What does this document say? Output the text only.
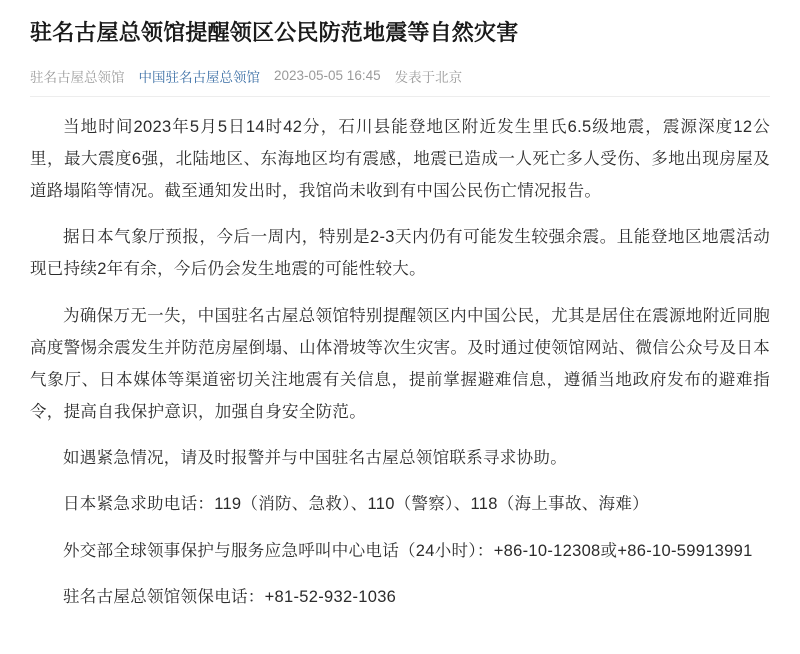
驻名古屋总领馆提醒领区公民防范地震等自然灾害
驻名古屋总领馆 中国驻名古屋总领馆 2023-05-05 16:45 发表于北京

当地时间2023年5月5日14时42分，石川县能登地区附近发生里氏6.5级地震，震源深度12公里，最大震度6强，北陆地区、东海地区均有震感，地震已造成一人死亡多人受伤、多地出现房屋及道路塌陷等情况。截至通知发出时，我馆尚未收到有中国公民伤亡情况报告。

据日本气象厅预报，今后一周内，特别是2-3天内仍有可能发生较强余震。且能登地区地震活动现已持续2年有余，今后仍会发生地震的可能性较大。

为确保万无一失，中国驻名古屋总领馆特别提醒领区内中国公民，尤其是居住在震源地附近同胞高度警惕余震发生并防范房屋倒塌、山体滑坡等次生灾害。及时通过使领馆网站、微信公众号及日本气象厅、日本媒体等渠道密切关注地震有关信息，提前掌握避难信息，遵循当地政府发布的避难指令，提高自我保护意识，加强自身安全防范。

如遇紧急情况，请及时报警并与中国驻名古屋总领馆联系寻求协助。

日本紧急求助电话：119（消防、急救）、110（警察）、118（海上事故、海难）

外交部全球领事保护与服务应急呼叫中心电话（24小时）：+86-10-12308或+86-10-59913991

驻名古屋总领馆领保电话：+81-52-932-1036
